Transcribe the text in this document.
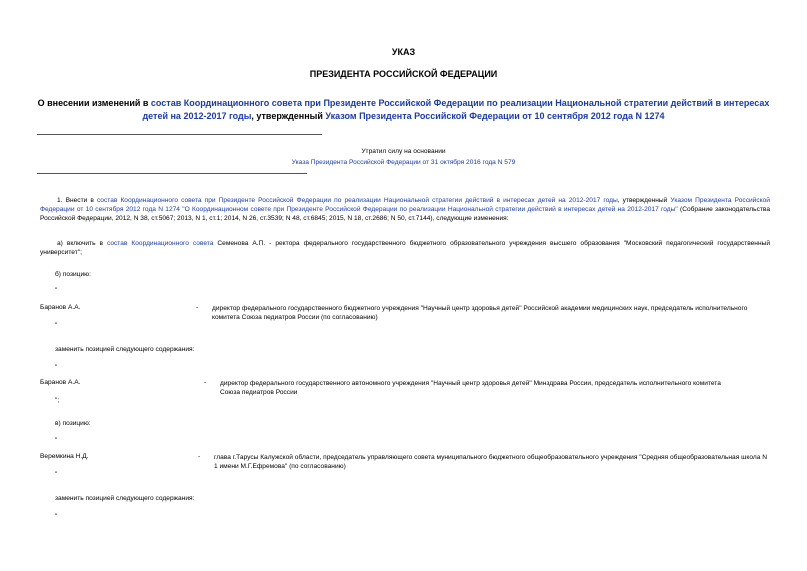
УКАЗ
ПРЕЗИДЕНТА РОССИЙСКОЙ ФЕДЕРАЦИИ
О внесении изменений в состав Координационного совета при Президенте Российской Федерации по реализации Национальной стратегии действий в интересах детей на 2012-2017 годы, утвержденный Указом Президента Российской Федерации от 10 сентября 2012 года N 1274
Утратил силу на основании
Указа Президента Российской Федерации от 31 октября 2016 года N 579
1. Внести в состав Координационного совета при Президенте Российской Федерации по реализации Национальной стратегии действий в интересах детей на 2012-2017 годы, утвержденный Указом Президента Российской Федерации от 10 сентября 2012 года N 1274 "О Координационном совете при Президенте Российской Федерации по реализации Национальной стратегии действий в интересах детей на 2012-2017 годы" (Собрание законодательства Российской Федерации, 2012, N 38, ст.5067; 2013, N 1, ст.1; 2014, N 26, ст.3539; N 48, ст.6845; 2015, N 18, ст.2686; N 50, ст.7144), следующие изменения:
а) включить в состав Координационного совета Семенова А.П. - ректора федерального государственного бюджетного образовательного учреждения высшего образования "Московский педагогический государственный университет";
б) позицию:
"
Баранов А.А.	- директор федерального государственного бюджетного учреждения "Научный центр здоровья детей" Российской академии медицинских наук, председатель исполнительного комитета Союза педиатров России (по согласованию)
"
заменить позицией следующего содержания:
"
Баранов А.А.	- директор федерального государственного автономного учреждения "Научный центр здоровья детей" Минздрава России, председатель исполнительного комитета Союза педиатров России
";
в) позицию:
"
Веремкина Н.Д.	- глава г.Тарусы Калужской области, председатель управляющего совета муниципального бюджетного общеобразовательного учреждения "Средняя общеобразовательная школа N 1 имени М.Г.Ефремова" (по согласованию)
"
заменить позицией следующего содержания:
"
